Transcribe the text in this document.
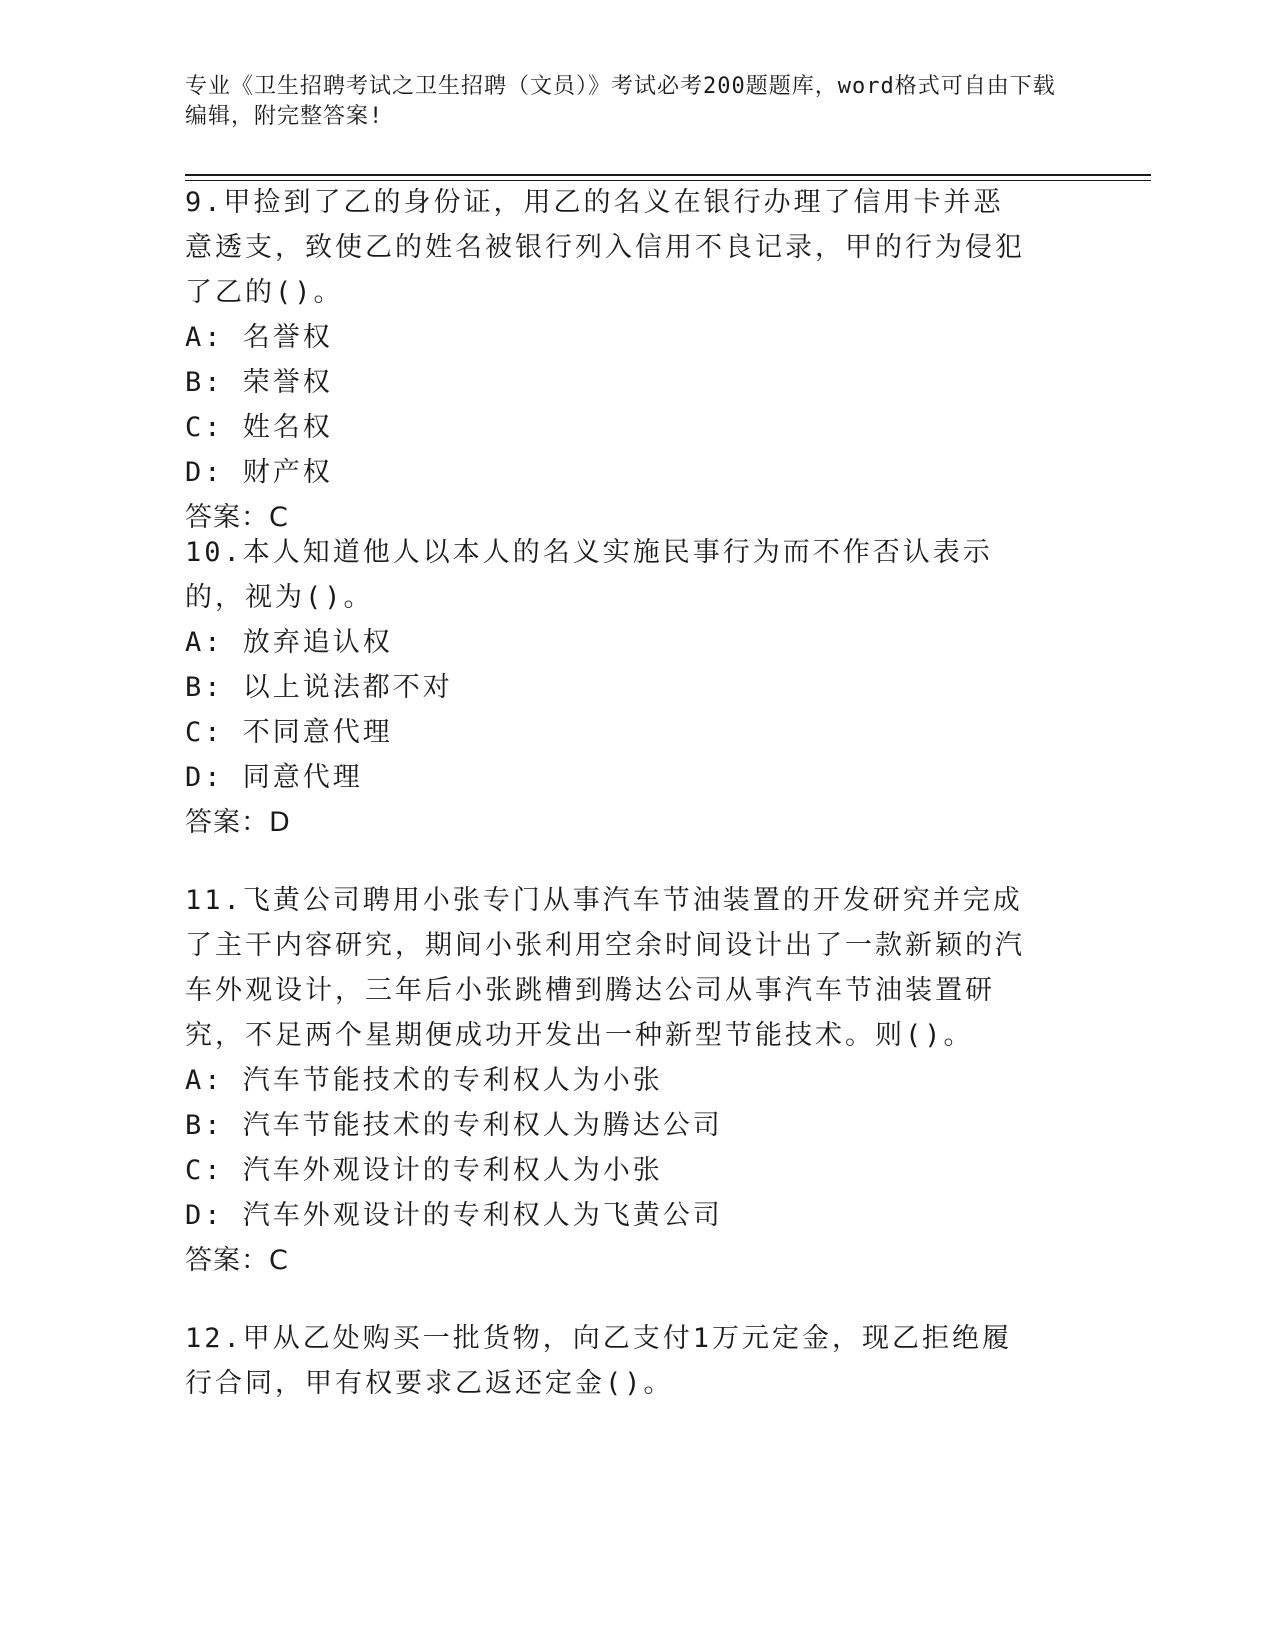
专业《卫生招聘考试之卫生招聘（文员）》考试必考200题题库，word格式可自由下载编辑，附完整答案!

9.甲捡到了乙的身份证，用乙的名义在银行办理了信用卡并恶意透支，致使乙的姓名被银行列入信用不良记录，甲的行为侵犯了乙的()。

A: 名誉权

B: 荣誉权

C: 姓名权

D: 财产权

答案：C

10.本人知道他人以本人的名义实施民事行为而不作否认表示的，视为()。

A: 放弃追认权

B: 以上说法都不对

C: 不同意代理

D: 同意代理

答案：D

11.飞黄公司聘用小张专门从事汽车节油装置的开发研究并完成了主干内容研究，期间小张利用空余时间设计出了一款新颖的汽车外观设计，三年后小张跳槽到腾达公司从事汽车节油装置研究，不足两个星期便成功开发出一种新型节能技术。则()。

A: 汽车节能技术的专利权人为小张

B: 汽车节能技术的专利权人为腾达公司

C: 汽车外观设计的专利权人为小张

D: 汽车外观设计的专利权人为飞黄公司

答案：C

12.甲从乙处购买一批货物，向乙支付1万元定金，现乙拒绝履行合同，甲有权要求乙返还定金()。
